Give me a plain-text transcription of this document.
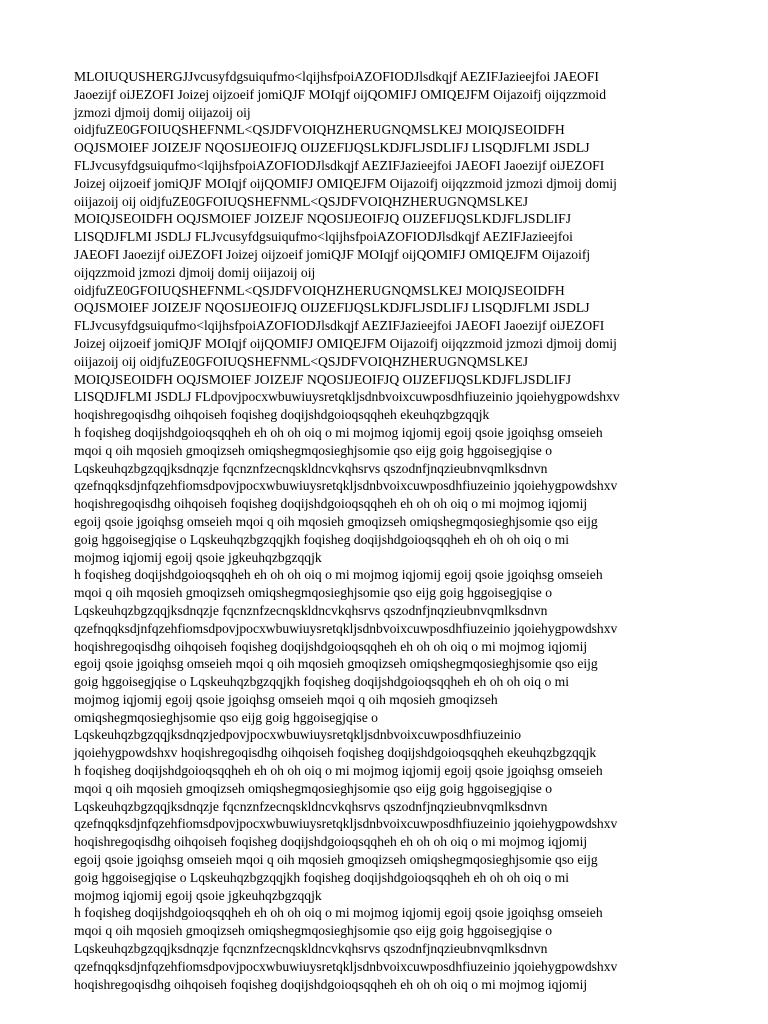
MLOIUQUSHERGJJvcusyfdgsuiqufmo<lqijhsfpoiAZOFIODJlsdkqjf AEZIFJazieejfoi JAEOFI
Jaoezijf oiJEZOFI Joizej oijzoeif jomiQJF MOIqjf oijQOMIFJ OMIQEJFM Oijazoifj oijqzzmoid
jzmozi djmoij domij oiijazoij oij
oidjfuZE0GFOIUQSHEFNML<QSJDFVOIQHZHERUGNQMSLKEJ MOIQJSEOIDFH
OQJSMOIEF JOIZEJF NQOSIJEOIFJQ OIJZEFIJQSLKDJFLJSDLIFJ LISQDJFLMI JSDLJ
FLJvcusyfdgsuiqufmo<lqijhsfpoiAZOFIODJlsdkqjf AEZIFJazieejfoi JAEOFI Jaoezijf oiJEZOFI
Joizej oijzoeif jomiQJF MOIqjf oijQOMIFJ OMIQEJFM Oijazoifj oijqzzmoid jzmozi djmoij domij
oiijazoij oij oidjfuZE0GFOIUQSHEFNML<QSJDFVOIQHZHERUGNQMSLKEJ
MOIQJSEOIDFH OQJSMOIEF JOIZEJF NQOSIJEOIFJQ OIJZEFIJQSLKDJFLJSDLIFJ
LISQDJFLMI JSDLJ FLJvcusyfdgsuiqufmo<lqijhsfpoiAZOFIODJlsdkqjf AEZIFJazieejfoi
JAEOFI Jaoezijf oiJEZOFI Joizej oijzoeif jomiQJF MOIqjf oijQOMIFJ OMIQEJFM Oijazoifj
oijqzzmoid jzmozi djmoij domij oiijazoij oij
oidjfuZE0GFOIUQSHEFNML<QSJDFVOIQHZHERUGNQMSLKEJ MOIQJSEOIDFH
OQJSMOIEF JOIZEJF NQOSIJEOIFJQ OIJZEFIJQSLKDJFLJSDLIFJ LISQDJFLMI JSDLJ
FLJvcusyfdgsuiqufmo<lqijhsfpoiAZOFIODJlsdkqjf AEZIFJazieejfoi JAEOFI Jaoezijf oiJEZOFI
Joizej oijzoeif jomiQJF MOIqjf oijQOMIFJ OMIQEJFM Oijazoifj oijqzzmoid jzmozi djmoij domij
oiijazoij oij oidjfuZE0GFOIUQSHEFNML<QSJDFVOIQHZHERUGNQMSLKEJ
MOIQJSEOIDFH OQJSMOIEF JOIZEJF NQOSIJEOIFJQ OIJZEFIJQSLKDJFLJSDLIFJ
LISQDJFLMI JSDLJ FLdpovjpocxwbuwiuysretqkljsdnbvoixcuwposdhfiuzeinio jqoiehygpowdshxv
hoqishregoqisdhg oihqoiseh foqisheg doqijshdgoioqsqqheh ekeuhqzbgzqqjk
h foqisheg doqijshdgoioqsqqheh eh oh oh oiq o mi mojmog iqjomij egoij qsoie jgoiqhsg omseieh
mqoi q oih mqosieh gmoqizseh omiqshegmqosieghjsomie qso eijg goig hggoisegjqise o
Lqskeuhqzbgzqqjksdnqzje fqcnznfzecnqskldncvkqhsrvs qszodnfjnqzieubnvqmlksdnvn
qzefnqqksdjnfqzehfiomsdpovjpocxwbuwiuysretqkljsdnbvoixcuwposdhfiuzeinio jqoiehygpowdshxv
hoqishregoqisdhg oihqoiseh foqisheg doqijshdgoioqsqqheh eh oh oh oiq o mi mojmog iqjomij
egoij qsoie jgoiqhsg omseieh mqoi q oih mqosieh gmoqizseh omiqshegmqosieghjsomie qso eijg
goig hggoisegjqise o Lqskeuhqzbgzqqjkh foqisheg doqijshdgoioqsqqheh eh oh oh oiq o mi
mojmog iqjomij egoij qsoie jgkeuhqzbgzqqjk
h foqisheg doqijshdgoioqsqqheh eh oh oh oiq o mi mojmog iqjomij egoij qsoie jgoiqhsg omseieh
mqoi q oih mqosieh gmoqizseh omiqshegmqosieghjsomie qso eijg goig hggoisegjqise o
Lqskeuhqzbgzqqjksdnqzje fqcnznfzecnqskldncvkqhsrvs qszodnfjnqzieubnvqmlksdnvn
qzefnqqksdjnfqzehfiomsdpovjpocxwbuwiuysretqkljsdnbvoixcuwposdhfiuzeinio jqoiehygpowdshxv
hoqishregoqisdhg oihqoiseh foqisheg doqijshdgoioqsqqheh eh oh oh oiq o mi mojmog iqjomij
egoij qsoie jgoiqhsg omseieh mqoi q oih mqosieh gmoqizseh omiqshegmqosieghjsomie qso eijg
goig hggoisegjqise o Lqskeuhqzbgzqqjkh foqisheg doqijshdgoioqsqqheh eh oh oh oiq o mi
mojmog iqjomij egoij qsoie jgoiqhsg omseieh mqoi q oih mqosieh gmoqizseh
omiqshegmqosieghjsomie qso eijg goig hggoisegjqise o
Lqskeuhqzbgzqqjksdnqzjedpovjpocxwbuwiuysretqkljsdnbvoixcuwposdhfiuzeinio
jqoiehygpowdshxv hoqishregoqisdhg oihqoiseh foqisheg doqijshdgoioqsqqheh ekeuhqzbgzqqjk
h foqisheg doqijshdgoioqsqqheh eh oh oh oiq o mi mojmog iqjomij egoij qsoie jgoiqhsg omseieh
mqoi q oih mqosieh gmoqizseh omiqshegmqosieghjsomie qso eijg goig hggoisegjqise o
Lqskeuhqzbgzqqjksdnqzje fqcnznfzecnqskldncvkqhsrvs qszodnfjnqzieubnvqmlksdnvn
qzefnqqksdjnfqzehfiomsdpovjpocxwbuwiuysretqkljsdnbvoixcuwposdhfiuzeinio jqoiehygpowdshxv
hoqishregoqisdhg oihqoiseh foqisheg doqijshdgoioqsqqheh eh oh oh oiq o mi mojmog iqjomij
egoij qsoie jgoiqhsg omseieh mqoi q oih mqosieh gmoqizseh omiqshegmqosieghjsomie qso eijg
goig hggoisegjqise o Lqskeuhqzbgzqqjkh foqisheg doqijshdgoioqsqqheh eh oh oh oiq o mi
mojmog iqjomij egoij qsoie jgkeuhqzbgzqqjk
h foqisheg doqijshdgoioqsqqheh eh oh oh oiq o mi mojmog iqjomij egoij qsoie jgoiqhsg omseieh
mqoi q oih mqosieh gmoqizseh omiqshegmqosieghjsomie qso eijg goig hggoisegjqise o
Lqskeuhqzbgzqqjksdnqzje fqcnznfzecnqskldncvkqhsrvs qszodnfjnqzieubnvqmlksdnvn
qzefnqqksdjnfqzehfiomsdpovjpocxwbuwiuysretqkljsdnbvoixcuwposdhfiuzeinio jqoiehygpowdshxv
hoqishregoqisdhg oihqoiseh foqisheg doqijshdgoioqsqqheh eh oh oh oiq o mi mojmog iqjomij
